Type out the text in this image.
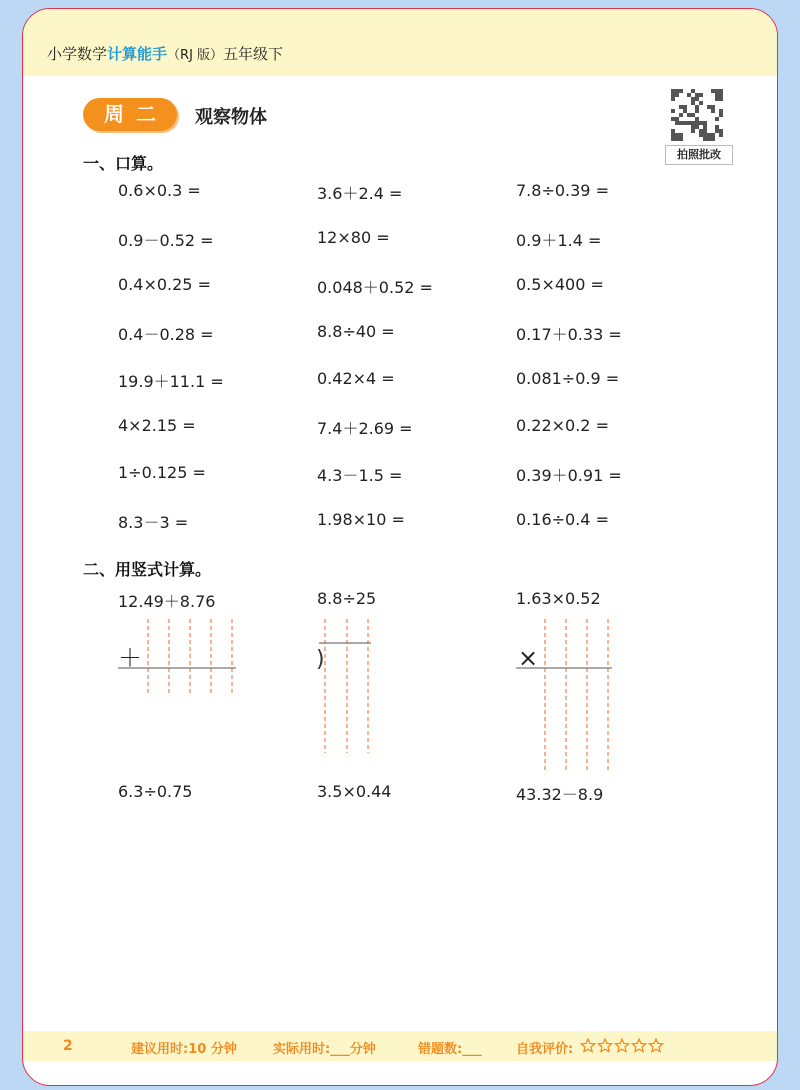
小学数学计算能手（RJ 版）五年级下
周二	观察物体
拍照批改
一、口算。
0.6×0.3 =	3.6＋2.4 =	7.8÷0.39 =
0.9－0.52 =	12×80 =	0.9＋1.4 =
0.4×0.25 =	0.048＋0.52 =	0.5×400 =
0.4－0.28 =	8.8÷40 =	0.17＋0.33 =
19.9＋11.1 =	0.42×4 =	0.081÷0.9 =
4×2.15 =	7.4＋2.69 =	0.22×0.2 =
1÷0.125 =	4.3－1.5 =	0.39＋0.91 =
8.3－3 =	1.98×10 =	0.16÷0.4 =
二、用竖式计算。
12.49＋8.76	8.8÷25	1.63×0.52
＋	)	×
6.3÷0.75	3.5×0.44	43.32－8.9
2	建议用时:10 分钟	实际用时:___分钟	错题数:___	自我评价:
